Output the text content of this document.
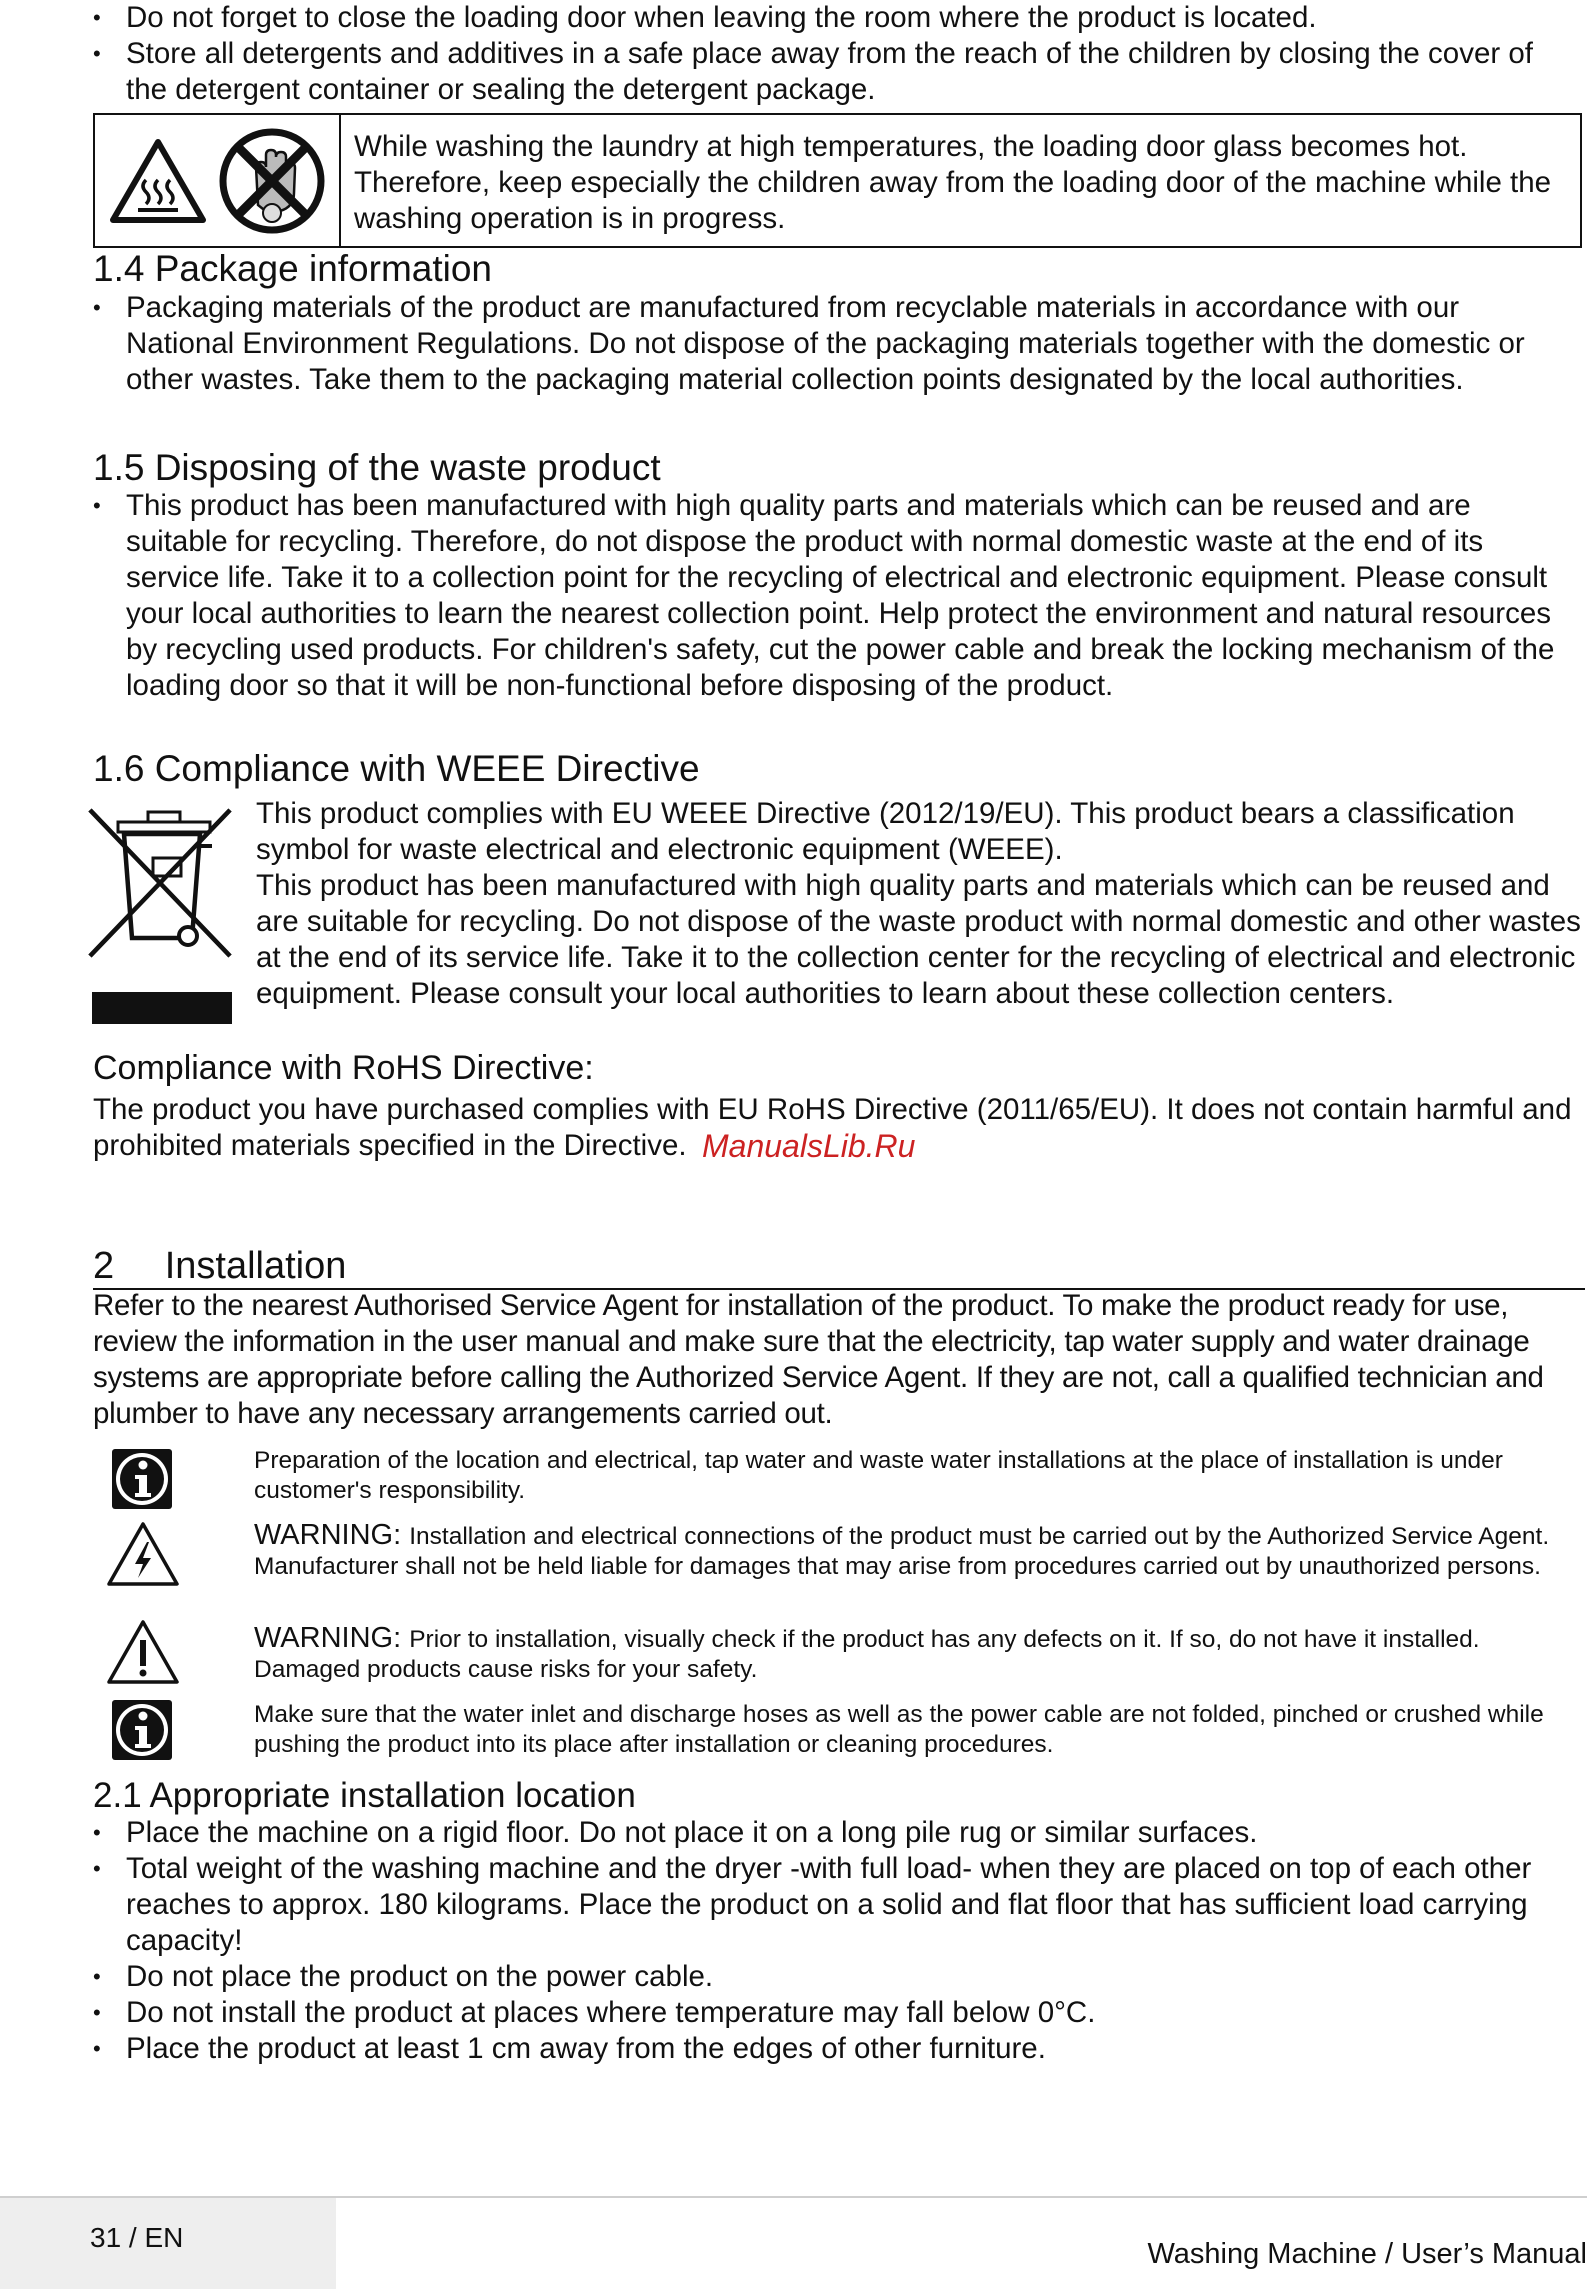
• Do not forget to close the loading door when leaving the room where the product is located.
• Store all detergents and additives in a safe place away from the reach of the children by closing the cover of the detergent container or sealing the detergent package.
While washing the laundry at high temperatures, the loading door glass becomes hot. Therefore, keep especially the children away from the loading door of the machine while the washing operation is in progress.
1.4 Package information
• Packaging materials of the product are manufactured from recyclable materials in accordance with our National Environment Regulations. Do not dispose of the packaging materials together with the domestic or other wastes. Take them to the packaging material collection points designated by the local authorities.
1.5 Disposing of the waste product
• This product has been manufactured with high quality parts and materials which can be reused and are suitable for recycling. Therefore, do not dispose the product with normal domestic waste at the end of its service life. Take it to a collection point for the recycling of electrical and electronic equipment. Please consult your local authorities to learn the nearest collection point. Help protect the environment and natural resources by recycling used products. For children's safety, cut the power cable and break the locking mechanism of the loading door so that it will be non-functional before disposing of the product.
1.6 Compliance with WEEE Directive
This product complies with EU WEEE Directive (2012/19/EU). This product bears a classification symbol for waste electrical and electronic equipment (WEEE).
This product has been manufactured with high quality parts and materials which can be reused and are suitable for recycling. Do not dispose of the waste product with normal domestic and other wastes at the end of its service life. Take it to the collection center for the recycling of electrical and electronic equipment. Please consult your local authorities to learn about these collection centers.
Compliance with RoHS Directive:
The product you have purchased complies with EU RoHS Directive (2011/65/EU). It does not contain harmful and prohibited materials specified in the Directive. ManualsLib.Ru
2 Installation
Refer to the nearest Authorised Service Agent for installation of the product. To make the product ready for use, review the information in the user manual and make sure that the electricity, tap water supply and water drainage systems are appropriate before calling the Authorized Service Agent. If they are not, call a qualified technician and plumber to have any necessary arrangements carried out.
Preparation of the location and electrical, tap water and waste water installations at the place of installation is under customer's responsibility.
WARNING: Installation and electrical connections of the product must be carried out by the Authorized Service Agent. Manufacturer shall not be held liable for damages that may arise from procedures carried out by unauthorized persons.
WARNING: Prior to installation, visually check if the product has any defects on it. If so, do not have it installed. Damaged products cause risks for your safety.
Make sure that the water inlet and discharge hoses as well as the power cable are not folded, pinched or crushed while pushing the product into its place after installation or cleaning procedures.
2.1 Appropriate installation location
• Place the machine on a rigid floor. Do not place it on a long pile rug or similar surfaces.
• Total weight of the washing machine and the dryer -with full load- when they are placed on top of each other reaches to approx. 180 kilograms. Place the product on a solid and flat floor that has sufficient load carrying capacity!
• Do not place the product on the power cable.
• Do not install the product at places where temperature may fall below 0°C.
• Place the product at least 1 cm away from the edges of other furniture.
31 / EN
Washing Machine / User’s Manual
